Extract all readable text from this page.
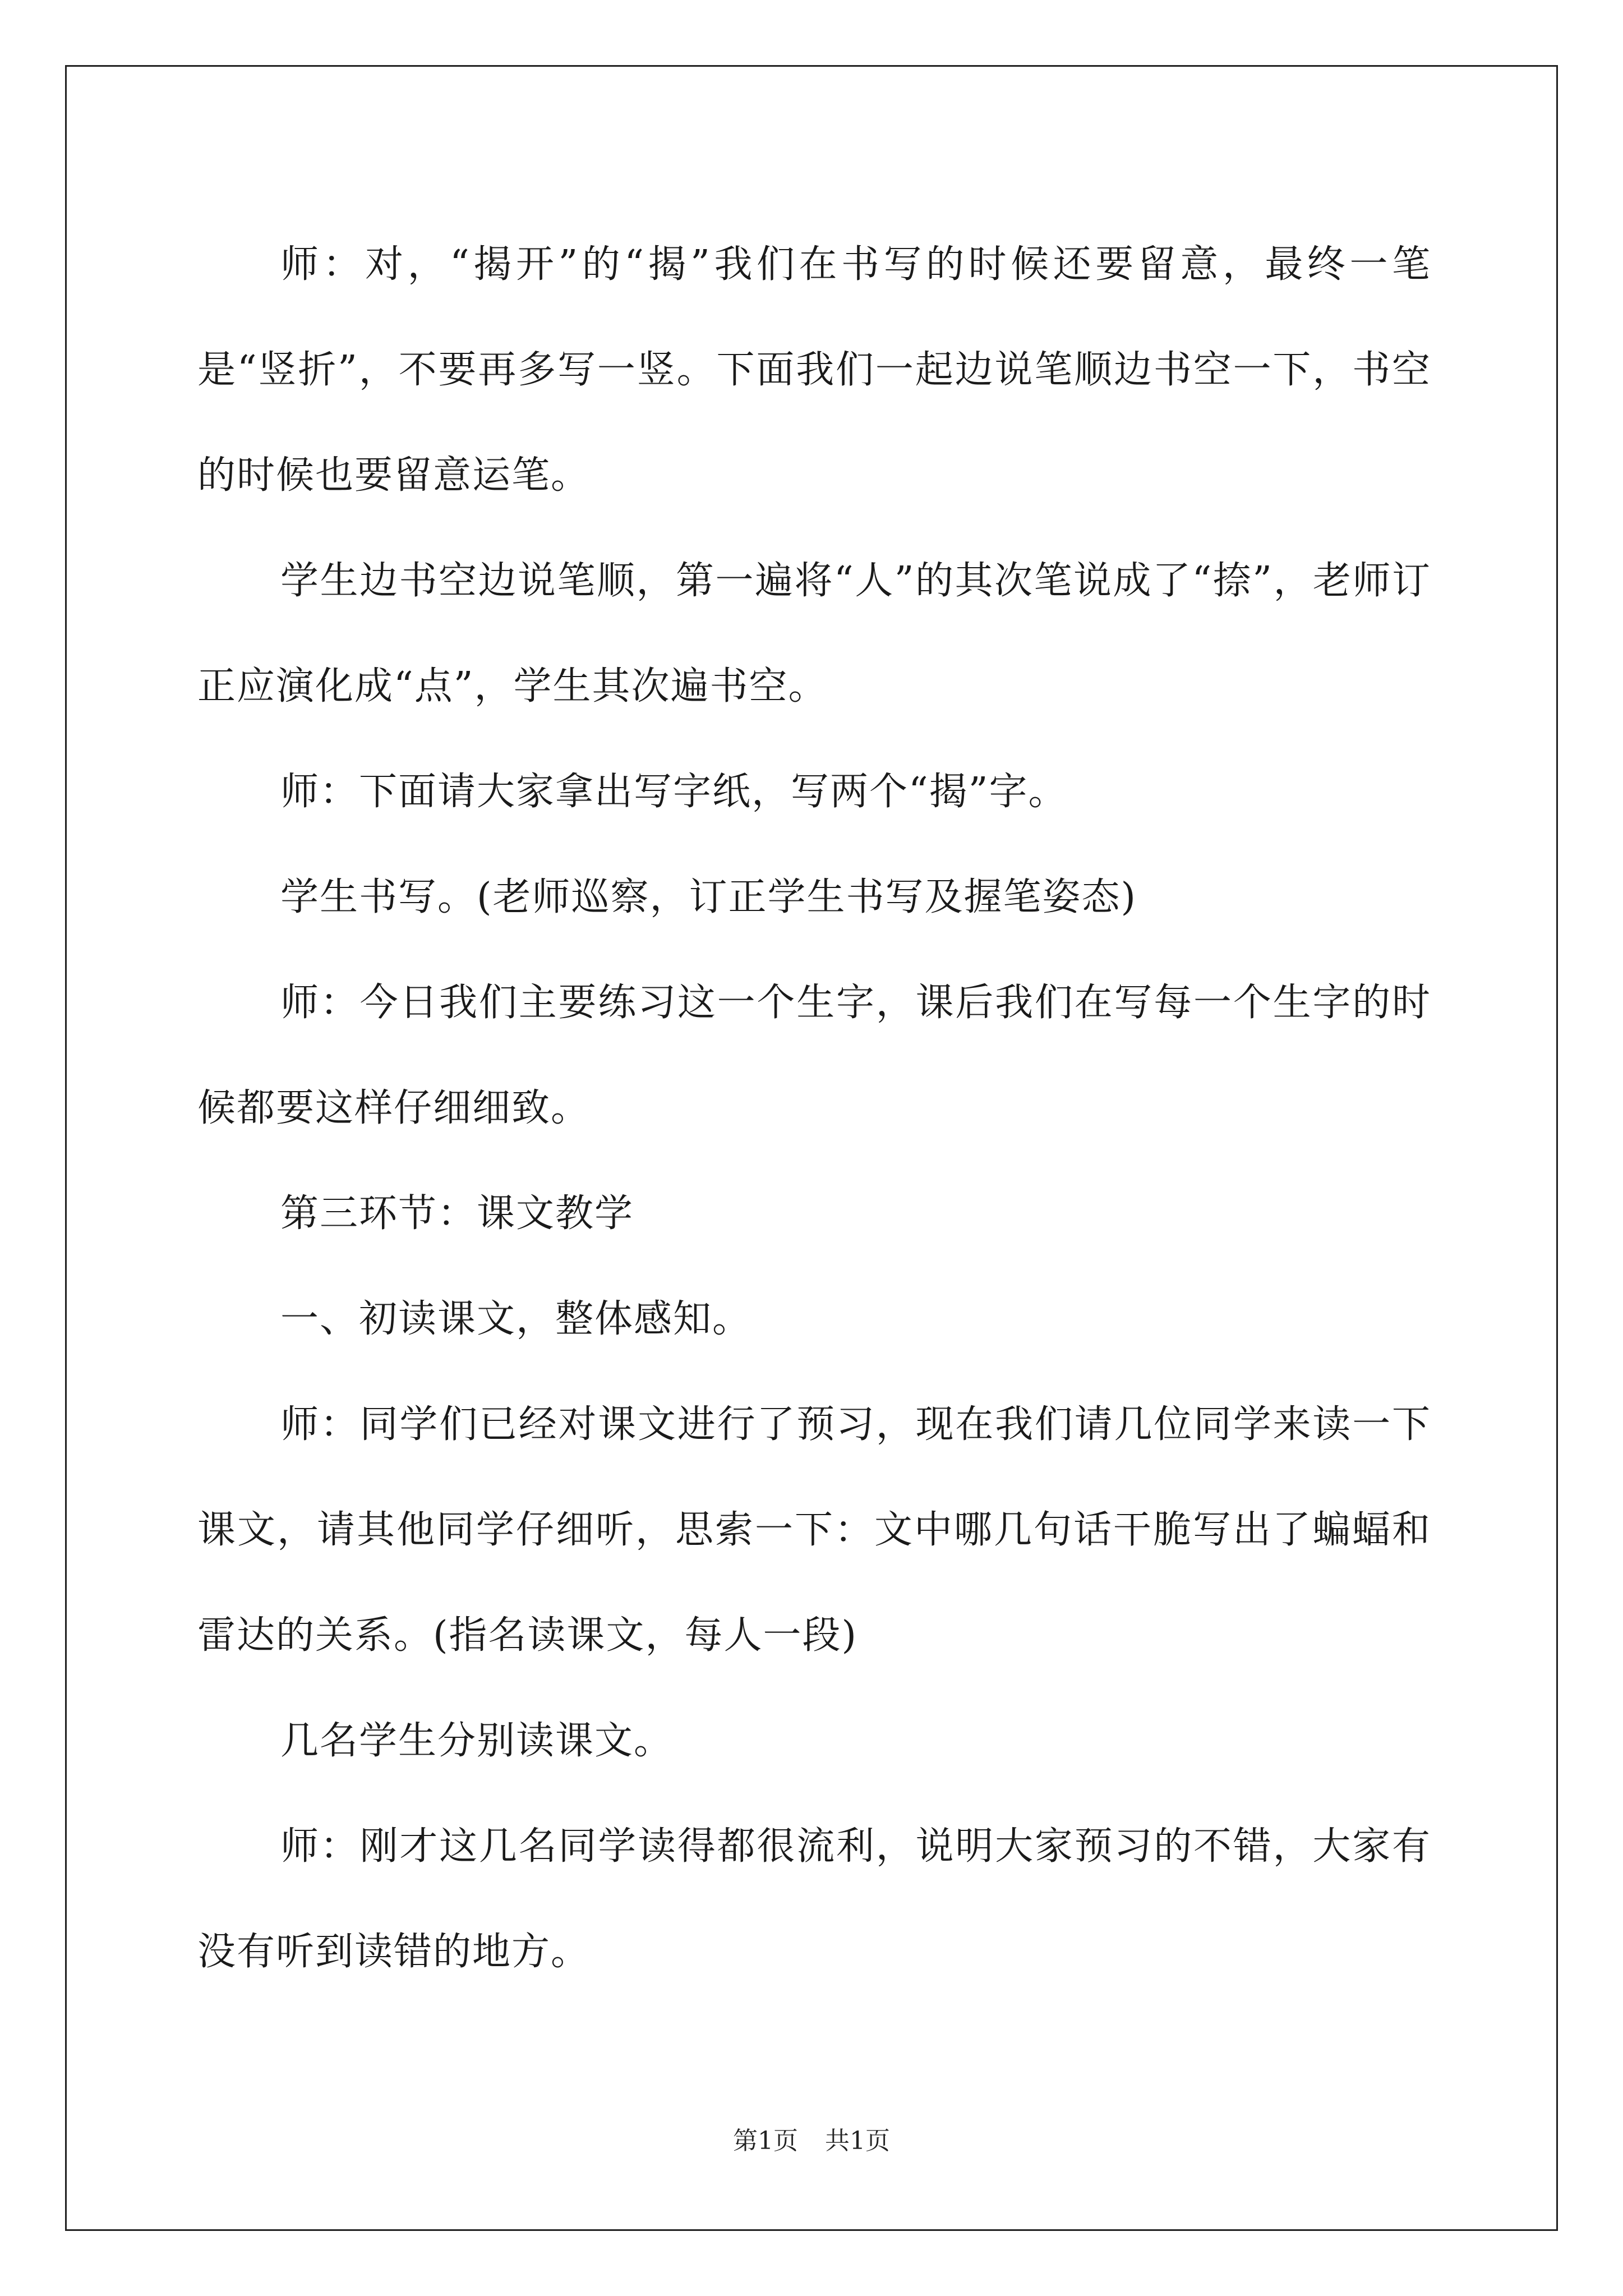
师：对，“揭开”的“揭”我们在书写的时候还要留意，最终一笔是“竖折”，不要再多写一竖。下面我们一起边说笔顺边书空一下，书空的时候也要留意运笔。

学生边书空边说笔顺，第一遍将“人”的其次笔说成了“捺”，老师订正应演化成“点”，学生其次遍书空。

师：下面请大家拿出写字纸，写两个“揭”字。

学生书写。(老师巡察，订正学生书写及握笔姿态)

师：今日我们主要练习这一个生字，课后我们在写每一个生字的时候都要这样仔细细致。

第三环节：课文教学

一、初读课文，整体感知。

师：同学们已经对课文进行了预习，现在我们请几位同学来读一下课文，请其他同学仔细听，思索一下：文中哪几句话干脆写出了蝙蝠和雷达的关系。(指名读课文，每人一段)

几名学生分别读课文。

师：刚才这几名同学读得都很流利，说明大家预习的不错，大家有没有听到读错的地方。

第1页 共1页
